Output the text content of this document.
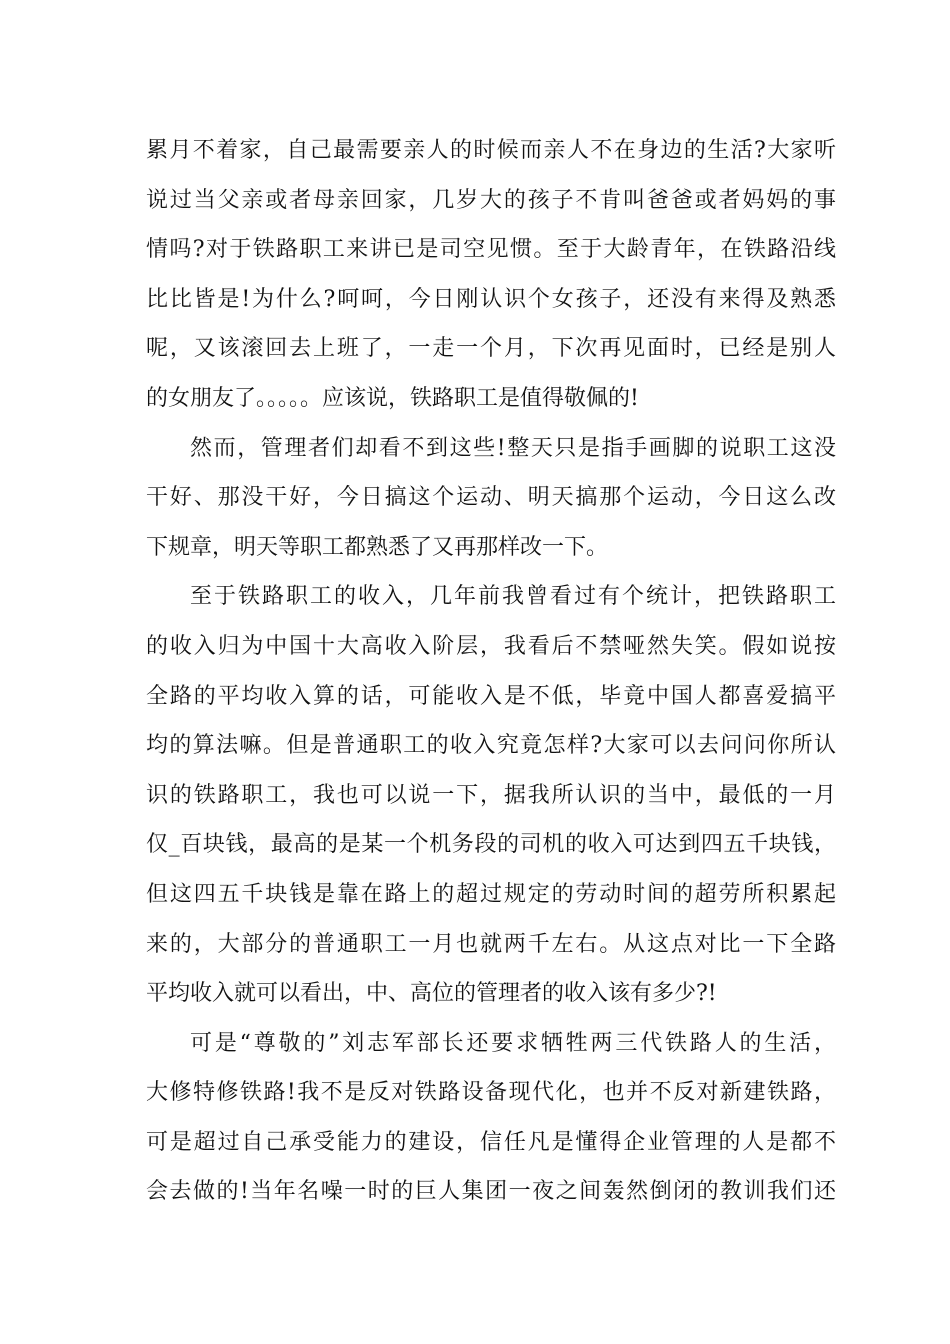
累月不着家，自己最需要亲人的时候而亲人不在身边的生活?大家听
说过当父亲或者母亲回家，几岁大的孩子不肯叫爸爸或者妈妈的事
情吗?对于铁路职工来讲已是司空见惯。至于大龄青年，在铁路沿线
比比皆是!为什么?呵呵，今日刚认识个女孩子，还没有来得及熟悉
呢，又该滚回去上班了，一走一个月，下次再见面时，已经是别人
的女朋友了。。。。。应该说，铁路职工是值得敬佩的!
然而，管理者们却看不到这些!整天只是指手画脚的说职工这没
干好、那没干好，今日搞这个运动、明天搞那个运动，今日这么改
下规章，明天等职工都熟悉了又再那样改一下。
至于铁路职工的收入，几年前我曾看过有个统计，把铁路职工
的收入归为中国十大高收入阶层，我看后不禁哑然失笑。假如说按
全路的平均收入算的话，可能收入是不低，毕竟中国人都喜爱搞平
均的算法嘛。但是普通职工的收入究竟怎样?大家可以去问问你所认
识的铁路职工，我也可以说一下，据我所认识的当中，最低的一月
仅_百块钱，最高的是某一个机务段的司机的收入可达到四五千块钱，
但这四五千块钱是靠在路上的超过规定的劳动时间的超劳所积累起
来的，大部分的普通职工一月也就两千左右。从这点对比一下全路
平均收入就可以看出，中、高位的管理者的收入该有多少?!
可是“尊敬的”刘志军部长还要求牺牲两三代铁路人的生活，
大修特修铁路!我不是反对铁路设备现代化，也并不反对新建铁路，
可是超过自己承受能力的建设，信任凡是懂得企业管理的人是都不
会去做的!当年名噪一时的巨人集团一夜之间轰然倒闭的教训我们还
